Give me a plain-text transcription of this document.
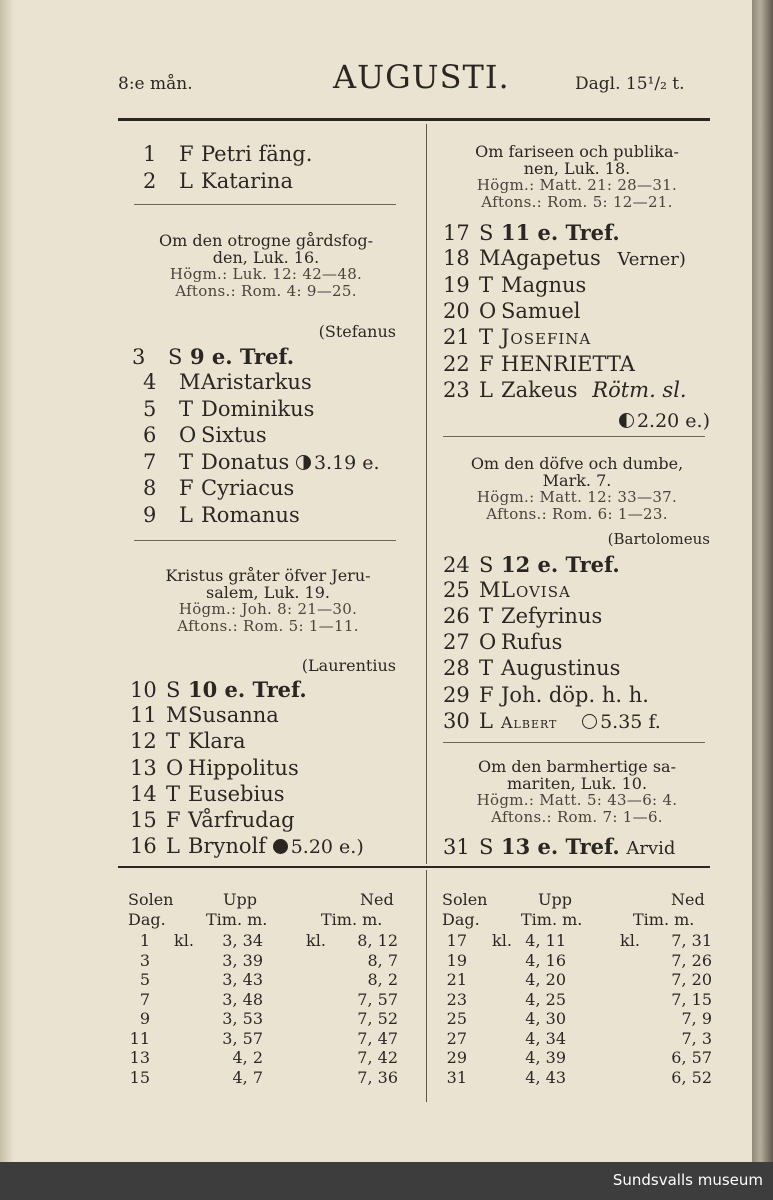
8:e mån.	AUGUSTI.	Dagl. 15¹/₂ t.
1 F Petri fäng.
2 L Katarina
Om den otrogne gårdsfog-
den, Luk. 16.
Högm.: Luk. 12: 42—48.
Aftons.: Rom. 4: 9—25.
(Stefanus
3 S 9 e. Tref.
4 MAristarkus
5 T Dominikus
6 O Sixtus
7 T Donatus 3.19 e.
8 F Cyriacus
9 L Romanus
Kristus gråter öfver Jeru-
salem, Luk. 19.
Högm.: Joh. 8: 21—30.
Aftons.: Rom. 5: 1—11.
(Laurentius
10 S 10 e. Tref.
11 MSusanna
12 T Klara
13 O Hippolitus
14 T Eusebius
15 F Vårfrudag
16 L Brynolf 5.20 e.)
Om fariseen och publika-
nen, Luk. 18.
Högm.: Matt. 21: 28—31.
Aftons.: Rom. 5: 12—21.
17 S 11 e. Tref.
18 MAgapetus Verner)
19 T Magnus
20 O Samuel
21 T Josefina
22 F HENRIETTA
23 L Zakeus Rötm. sl.
2.20 e.)
Om den döfve och dumbe,
Mark. 7.
Högm.: Matt. 12: 33—37.
Aftons.: Rom. 6: 1—23.
(Bartolomeus
24 S 12 e. Tref.
25 MLovisa
26 T Zefyrinus
27 O Rufus
28 T Augustinus
29 F Joh. döp. h. h.
30 L Albert 5.35 f.
Om den barmhertige sa-
mariten, Luk. 10.
Högm.: Matt. 5: 43—6: 4.
Aftons.: Rom. 7: 1—6.
31 S 13 e. Tref. Arvid
Solen	Upp	Ned
Dag.	Tim. m.	Tim. m.
1 kl. 3, 34	kl. 8, 12
3	3, 39	8, 7
5	3, 43	8, 2
7	3, 48	7, 57
9	3, 53	7, 52
11	3, 57	7, 47
13	4, 2	7, 42
15	4, 7	7, 36
Solen	Upp	Ned
Dag.	Tim. m.	Tim. m.
17 kl. 4, 11	kl. 7, 31
19	4, 16	7, 26
21	4, 20	7, 20
23	4, 25	7, 15
25	4, 30	7, 9
27	4, 34	7, 3
29	4, 39	6, 57
31	4, 43	6, 52
Sundsvalls museum
